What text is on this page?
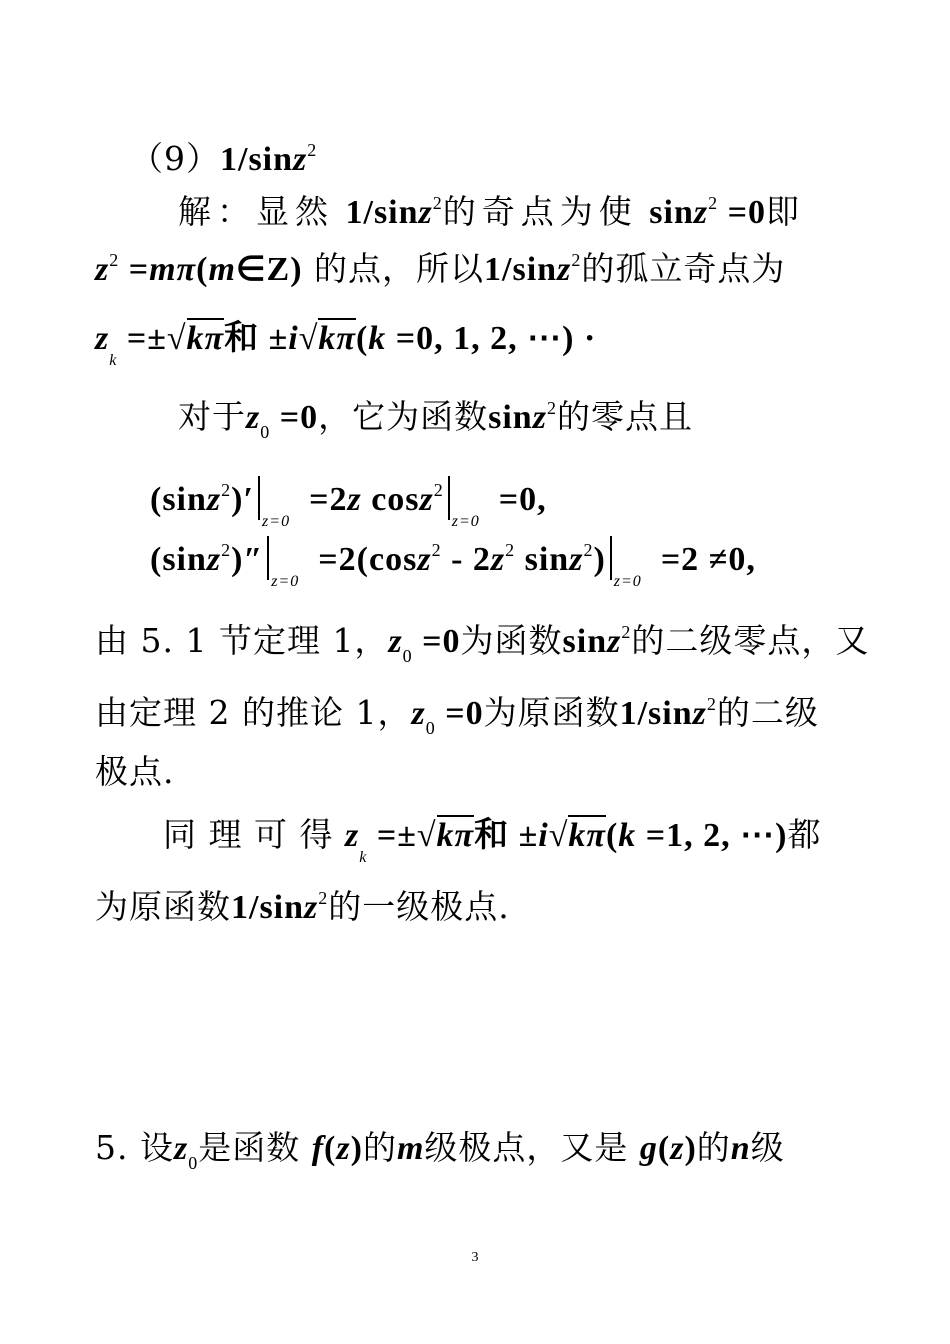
（9）1/sinz$^2$
解：显然 1/sinz$^2$的奇点为使 sinz$^2$ =0即
$z^2$ =mπ(m∈Z) 的点，所以1/sinz$^2$的孤立奇点为
$z_k =\pm√k\pi$和 ±i√kπ(k =0, 1, 2, ⋯) ·
对于$z_0 =0$，它为函数sinz$^2$的零点且
$(\sin z^2)'_{z=0} =2z$ cosz$^2_{z=0}$  =0,
$(\sin z^2)''_{z=0} =2(\cos z^2 - 2z^2$ $\sin z^2)_{z=0} =2 \ne 0$,
由 5. 1 节定理 1，$z_0 =0$为函数sinz$^2$的二级零点，又
由定理 2 的推论 1，$z_0 =0$为原函数1/sinz$^2$的二级
极点.
同 理 可 得 $z_k =\pm√k\pi$和 ±i√kπ(k =1, 2, ⋯)都
为原函数1/sinz$^2$的一级极点.
5. 设$z_0$是函数 f(z)的m级极点，又是 g(z)的n级
3
